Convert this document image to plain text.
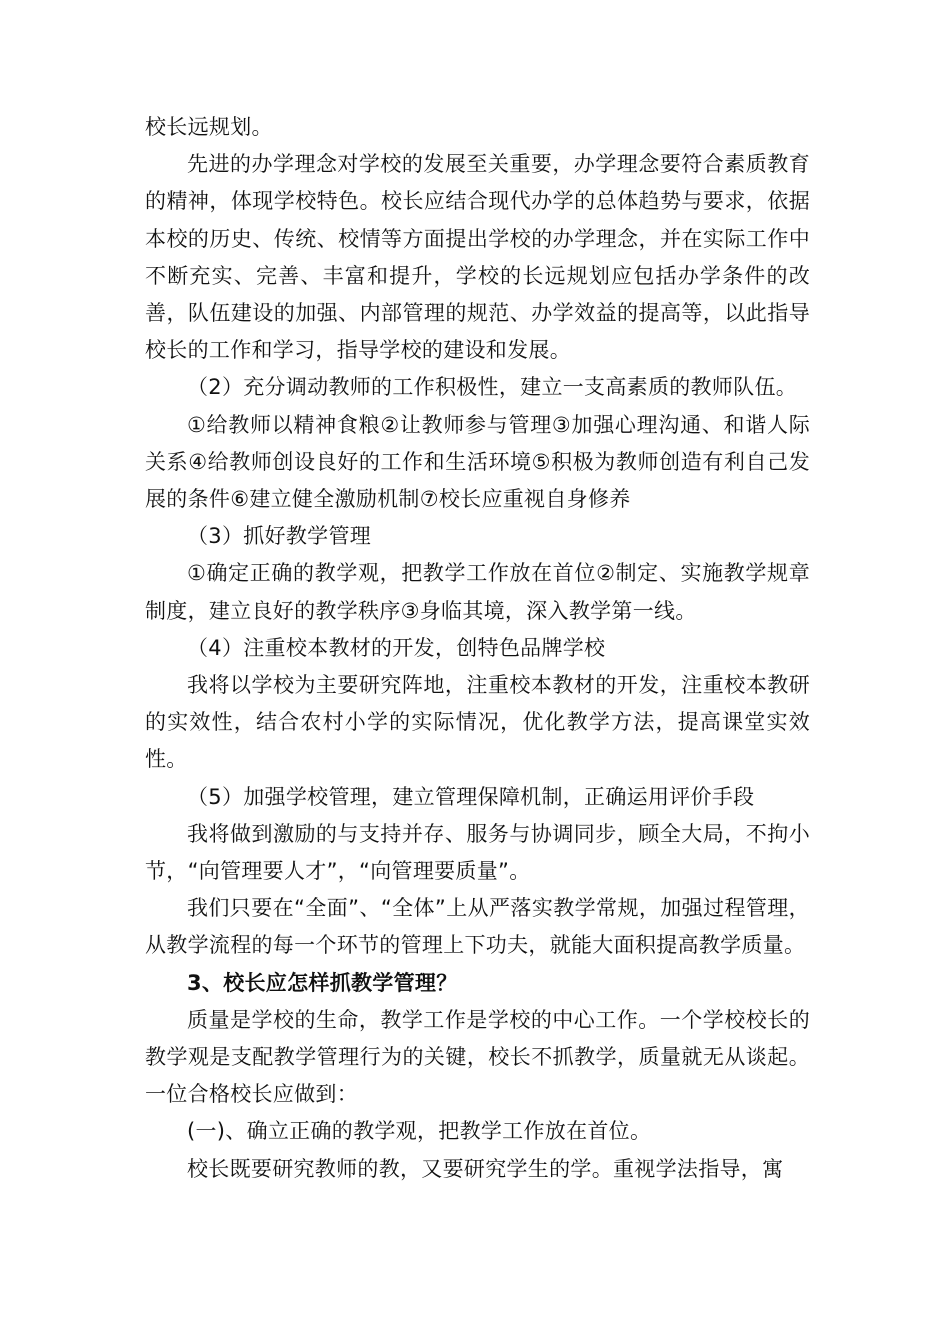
校长远规划。

先进的办学理念对学校的发展至关重要，办学理念要符合素质教育的精神，体现学校特色。校长应结合现代办学的总体趋势与要求，依据本校的历史、传统、校情等方面提出学校的办学理念，并在实际工作中不断充实、完善、丰富和提升，学校的长远规划应包括办学条件的改善，队伍建设的加强、内部管理的规范、办学效益的提高等，以此指导校长的工作和学习，指导学校的建设和发展。

（2）充分调动教师的工作积极性，建立一支高素质的教师队伍。

①给教师以精神食粮②让教师参与管理③加强心理沟通、和谐人际关系④给教师创设良好的工作和生活环境⑤积极为教师创造有利自己发展的条件⑥建立健全激励机制⑦校长应重视自身修养

（3）抓好教学管理

①确定正确的教学观，把教学工作放在首位②制定、实施教学规章制度，建立良好的教学秩序③身临其境，深入教学第一线。

（4）注重校本教材的开发，创特色品牌学校

我将以学校为主要研究阵地，注重校本教材的开发，注重校本教研的实效性，结合农村小学的实际情况，优化教学方法，提高课堂实效性。

（5）加强学校管理，建立管理保障机制，正确运用评价手段

我将做到激励的与支持并存、服务与协调同步，顾全大局，不拘小节，“向管理要人才”，“向管理要质量”。

我们只要在“全面”、“全体”上从严落实教学常规，加强过程管理，从教学流程的每一个环节的管理上下功夫，就能大面积提高教学质量。

3、校长应怎样抓教学管理？

质量是学校的生命，教学工作是学校的中心工作。一个学校校长的教学观是支配教学管理行为的关键，校长不抓教学，质量就无从谈起。一位合格校长应做到：

(一)、确立正确的教学观，把教学工作放在首位。

校长既要研究教师的教，又要研究学生的学。重视学法指导，寓
